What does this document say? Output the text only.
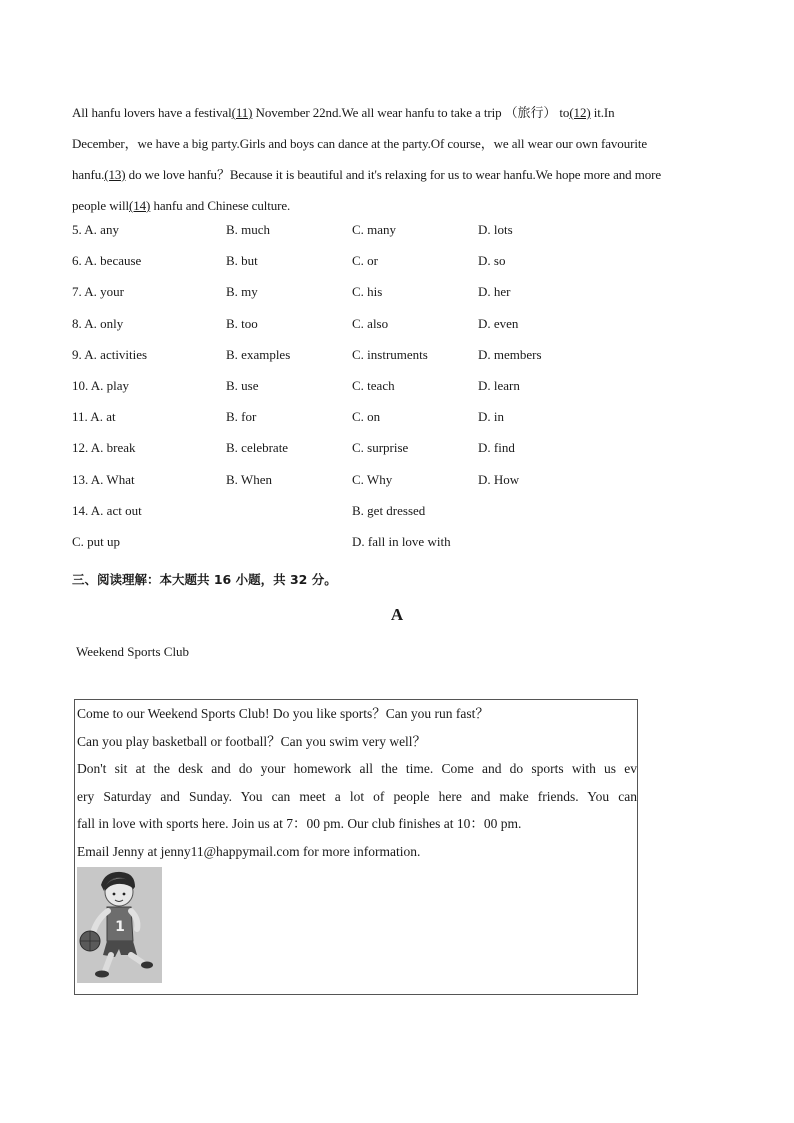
All hanfu lovers have a festival(11) November 22nd.We all wear hanfu to take a trip （旅行） to(12) it.In

December，we have a big party.Girls and boys can dance at the party.Of course，we all wear our own favourite

hanfu.(13) do we love hanfu？Because it is beautiful and it's relaxing for us to wear hanfu.We hope more and more

people will(14) hanfu and Chinese culture.

5. A. any	B. much	C. many	D. lots
6. A. because	B. but	C. or	D. so
7. A. your	B. my	C. his	D. her
8. A. only	B. too	C. also	D. even
9. A. activities	B. examples	C. instruments	D. members
10. A. play	B. use	C. teach	D. learn
11. A. at	B. for	C. on	D. in
12. A. break	B. celebrate	C. surprise	D. find
13. A. What	B. When	C. Why	D. How
14. A. act out	B. get dressed
C. put up	D. fall in love with
三、阅读理解：本大题共 16 小题，共 32 分。
A
Weekend Sports Club
Come to our Weekend Sports Club! Do you like sports？Can you run fast？
Can you play basketball or football？Can you swim very well？
Don't sit at the desk and do your homework all the time. Come and do sports with us ev
ery Saturday and Sunday. You can meet a lot of people here and make friends. You can
fall in love with sports here. Join us at 7：00 pm. Our club finishes at 10：00 pm.
Email Jenny at jenny11@happymail.com for more information.
1
